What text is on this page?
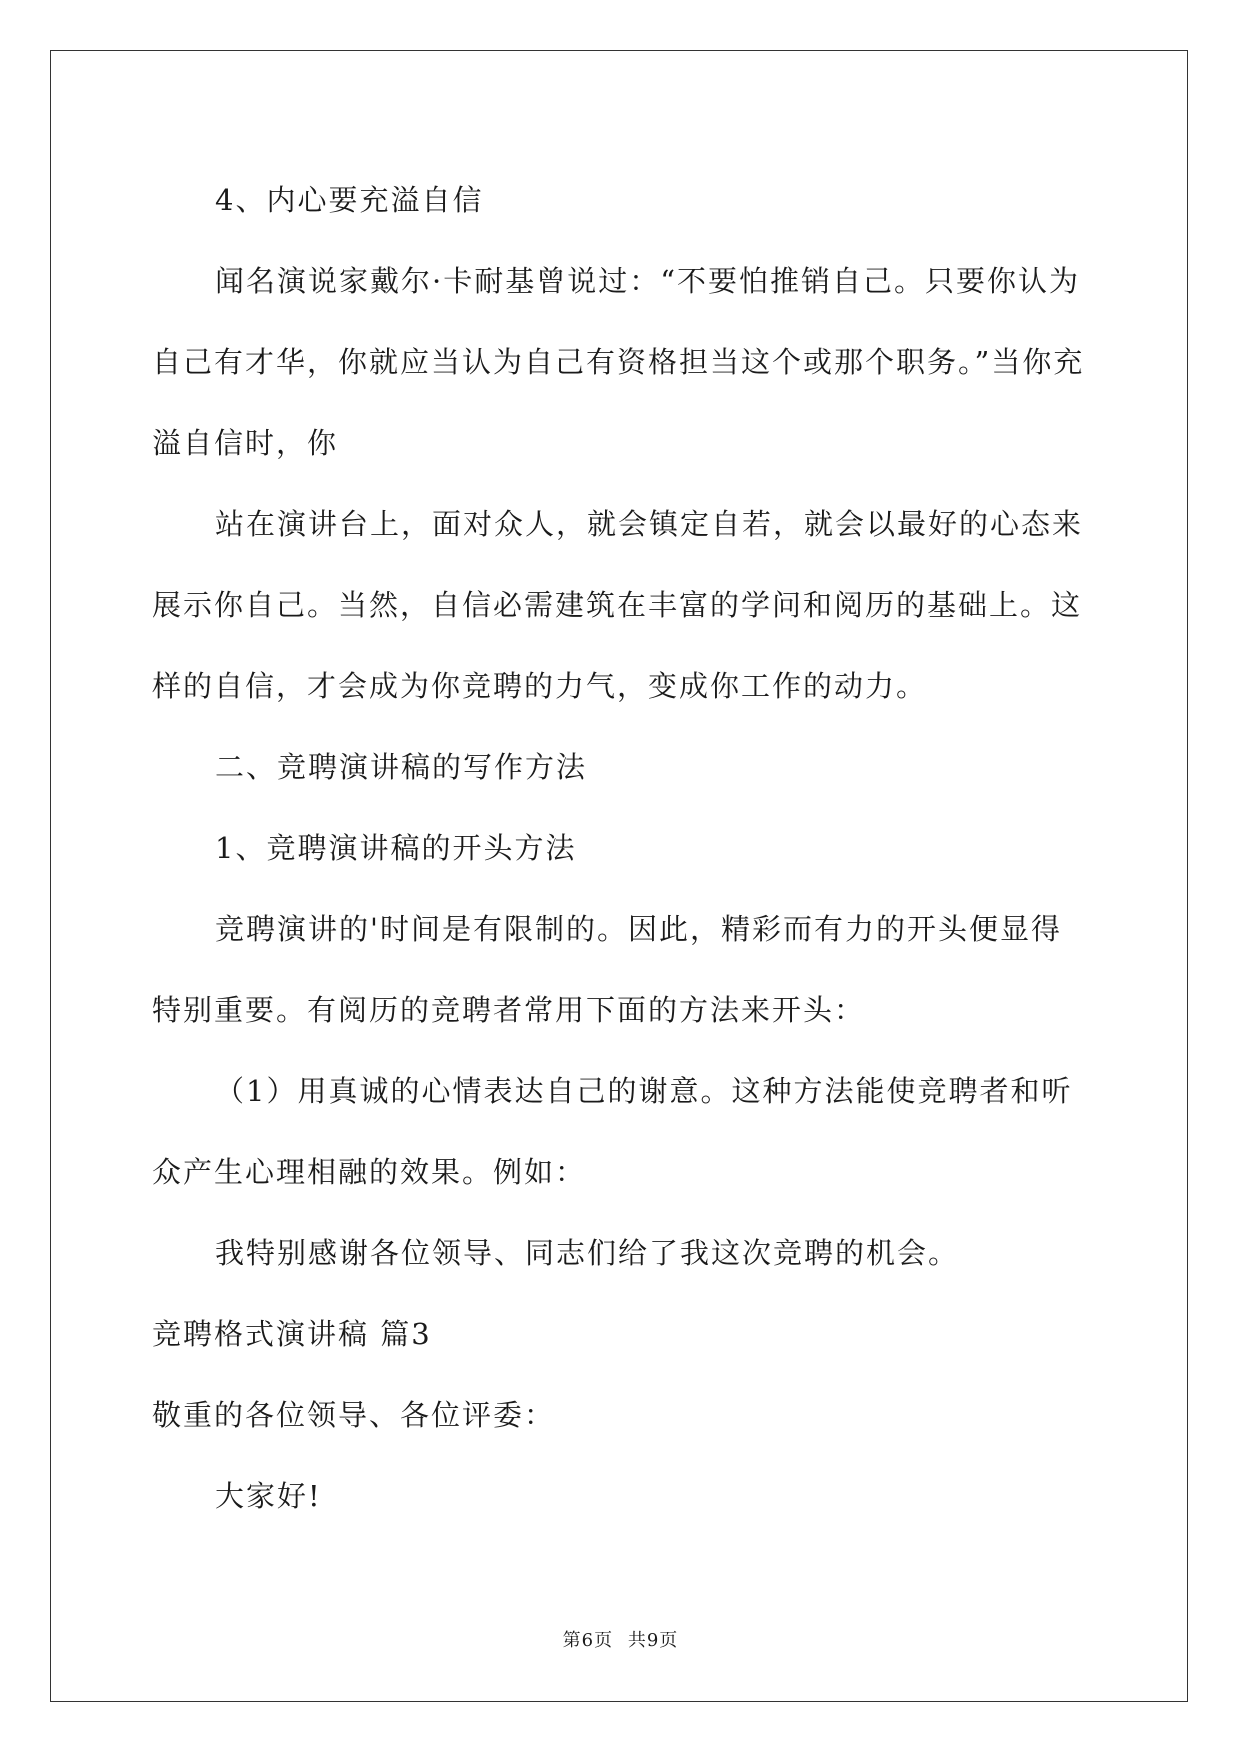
4、内心要充溢自信

闻名演说家戴尔·卡耐基曾说过：“不要怕推销自己。只要你认为自己有才华，你就应当认为自己有资格担当这个或那个职务。”当你充溢自信时，你

站在演讲台上，面对众人，就会镇定自若，就会以最好的心态来展示你自己。当然，自信必需建筑在丰富的学问和阅历的基础上。这样的自信，才会成为你竞聘的力气，变成你工作的动力。

二、竞聘演讲稿的写作方法

1、竞聘演讲稿的开头方法

竞聘演讲的'时间是有限制的。因此，精彩而有力的开头便显得特别重要。有阅历的竞聘者常用下面的方法来开头：

（1）用真诚的心情表达自己的谢意。这种方法能使竞聘者和听众产生心理相融的效果。例如：

我特别感谢各位领导、同志们给了我这次竞聘的机会。

竞聘格式演讲稿 篇3

敬重的各位领导、各位评委：

大家好!

第6页 共9页
